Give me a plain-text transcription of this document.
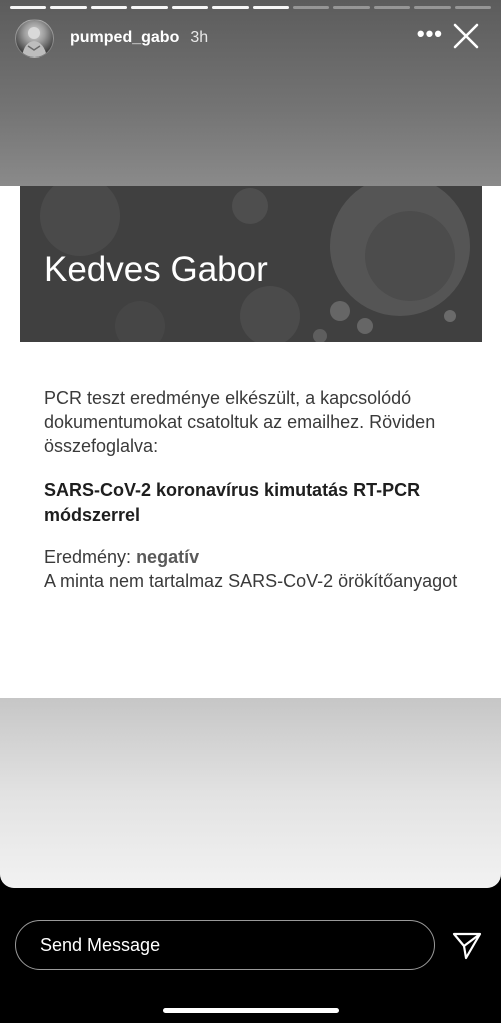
pumped_gabo 3h	•••
Kedves Gabor
PCR teszt eredménye elkészült, a kapcsolódó dokumentumokat csatoltuk az emailhez. Röviden összefoglalva:
SARS-CoV-2 koronavírus kimutatás RT-PCR módszerrel
Eredmény: negatív
A minta nem tartalmaz SARS-CoV-2 örökítőanyagot
Send Message
